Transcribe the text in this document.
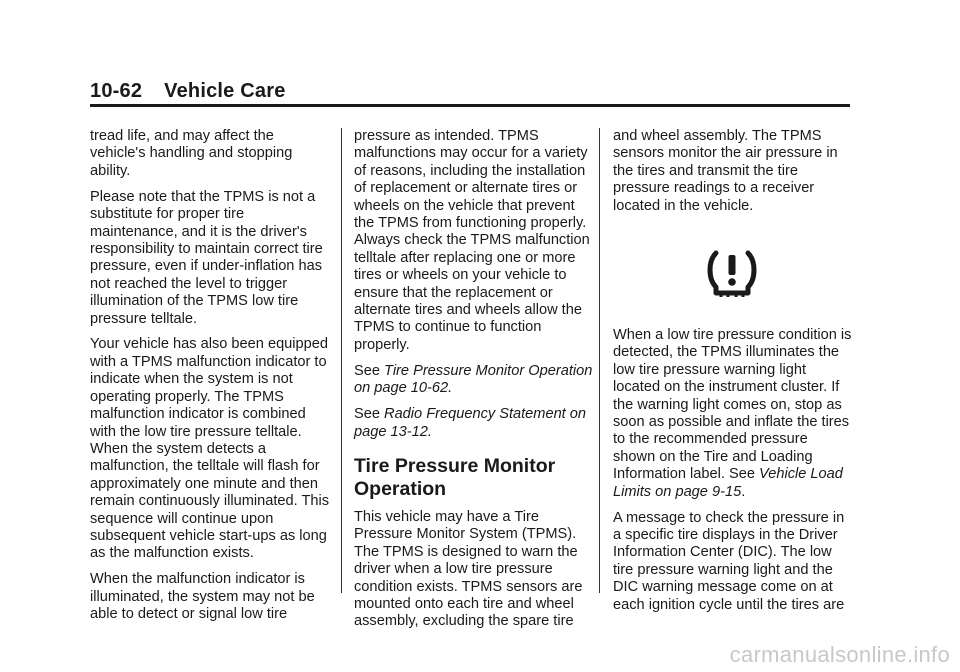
10-62 Vehicle Care

tread life, and may affect the vehicle's handling and stopping ability.

Please note that the TPMS is not a substitute for proper tire maintenance, and it is the driver's responsibility to maintain correct tire pressure, even if under-inflation has not reached the level to trigger illumination of the TPMS low tire pressure telltale.

Your vehicle has also been equipped with a TPMS malfunction indicator to indicate when the system is not operating properly. The TPMS malfunction indicator is combined with the low tire pressure telltale. When the system detects a malfunction, the telltale will flash for approximately one minute and then remain continuously illuminated. This sequence will continue upon subsequent vehicle start-ups as long as the malfunction exists.

When the malfunction indicator is illuminated, the system may not be able to detect or signal low tire

pressure as intended. TPMS malfunctions may occur for a variety of reasons, including the installation of replacement or alternate tires or wheels on the vehicle that prevent the TPMS from functioning properly. Always check the TPMS malfunction telltale after replacing one or more tires or wheels on your vehicle to ensure that the replacement or alternate tires and wheels allow the TPMS to continue to function properly.

See Tire Pressure Monitor Operation on page 10-62.

See Radio Frequency Statement on page 13-12.

Tire Pressure Monitor Operation

This vehicle may have a Tire Pressure Monitor System (TPMS). The TPMS is designed to warn the driver when a low tire pressure condition exists. TPMS sensors are mounted onto each tire and wheel assembly, excluding the spare tire

and wheel assembly. The TPMS sensors monitor the air pressure in the tires and transmit the tire pressure readings to a receiver located in the vehicle.

When a low tire pressure condition is detected, the TPMS illuminates the low tire pressure warning light located on the instrument cluster. If the warning light comes on, stop as soon as possible and inflate the tires to the recommended pressure shown on the Tire and Loading Information label. See Vehicle Load Limits on page 9-15.

A message to check the pressure in a specific tire displays in the Driver Information Center (DIC). The low tire pressure warning light and the DIC warning message come on at each ignition cycle until the tires are

carmanualsonline.info
